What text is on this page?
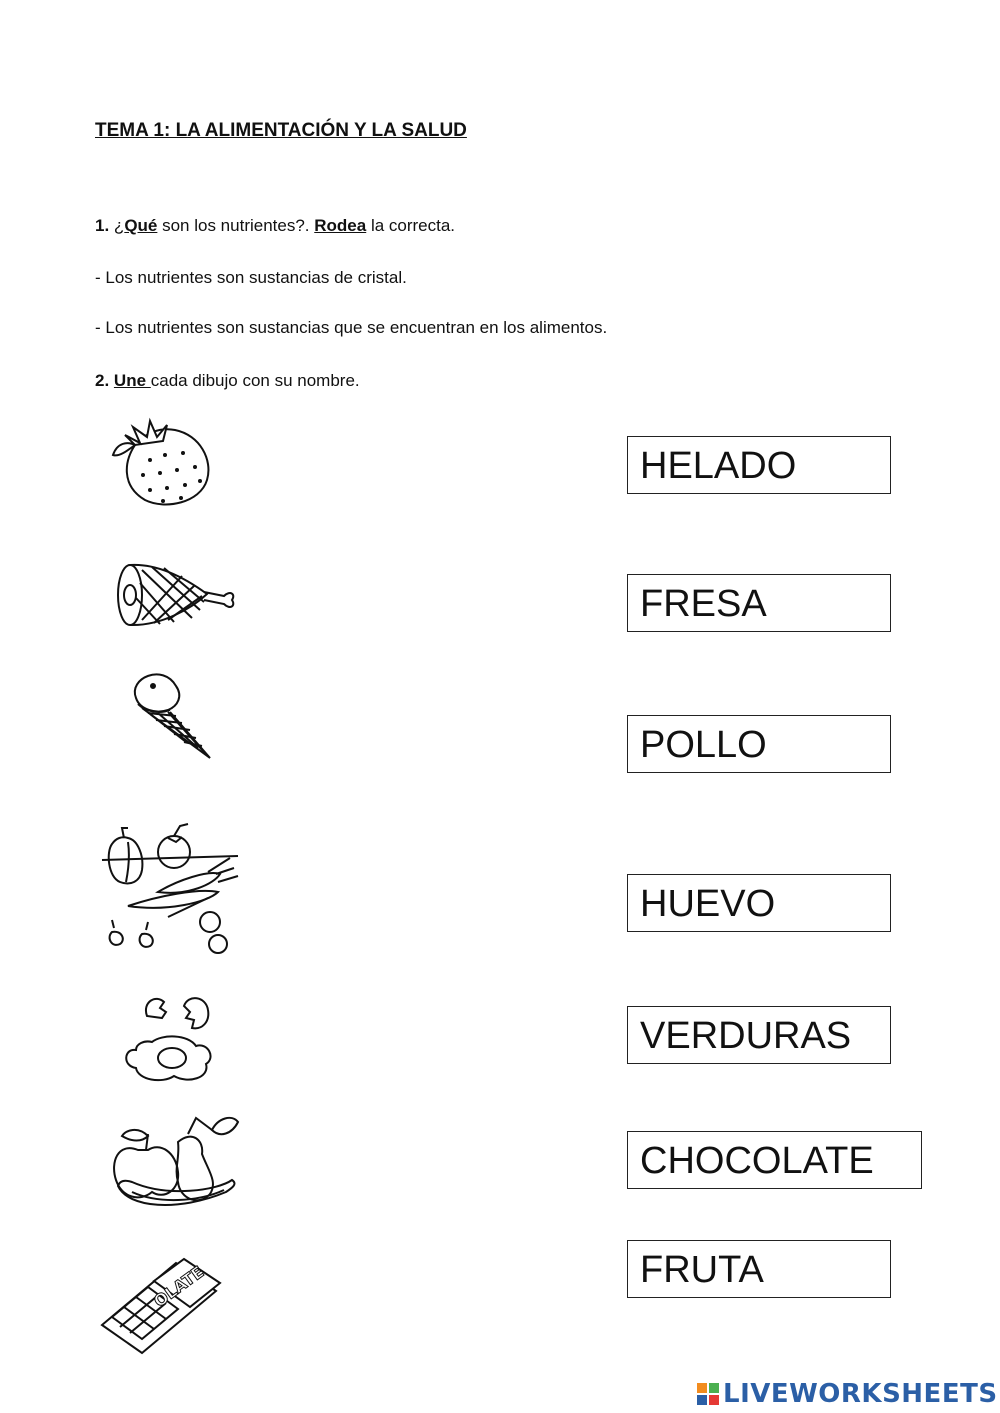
TEMA 1: LA ALIMENTACIÓN Y LA SALUD

1. ¿Qué son los nutrientes?. Rodea la correcta.

- Los nutrientes son sustancias de cristal.

- Los nutrientes son sustancias que se encuentran en los alimentos.

2. Une cada dibujo con su nombre.

OLATE
HELADO
FRESA
POLLO
HUEVO
VERDURAS
CHOCOLATE
FRUTA
LIVEWORKSHEETS
